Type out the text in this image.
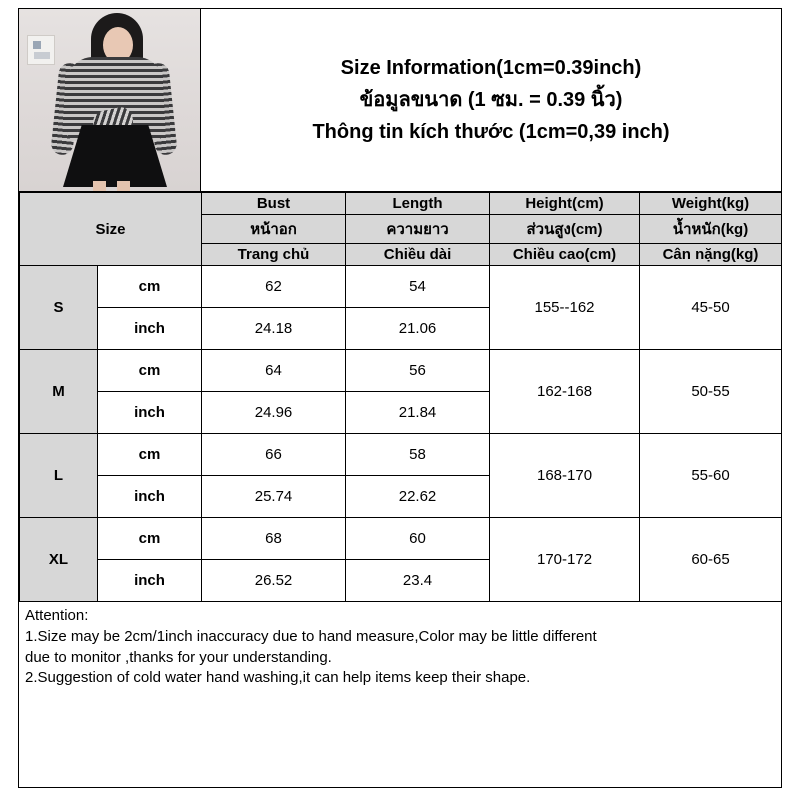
Size Information(1cm=0.39inch)
ข้อมูลขนาด (1 ซม. = 0.39 นิ้ว)
Thông tin kích thước (1cm=0,39 inch)
Size		Bust	Length	Height(cm)	Weight(kg)
		หน้าอก	ความยาว	ส่วนสูง(cm)	น้ำหนัก(kg)
		Trang chủ	Chiều dài	Chiều cao(cm)	Cân nặng(kg)
S	cm	62	54	155--162	45-50
	inch	24.18	21.06		
M	cm	64	56	162-168	50-55
	inch	24.96	21.84		
L	cm	66	58	168-170	55-60
	inch	25.74	22.62		
XL	cm	68	60	170-172	60-65
	inch	26.52	23.4		

Attention:

1.Size may be 2cm/1inch inaccuracy due to hand measure,Color may be little different

due to monitor ,thanks for your understanding.

2.Suggestion of cold water hand washing,it can help items keep their shape.
